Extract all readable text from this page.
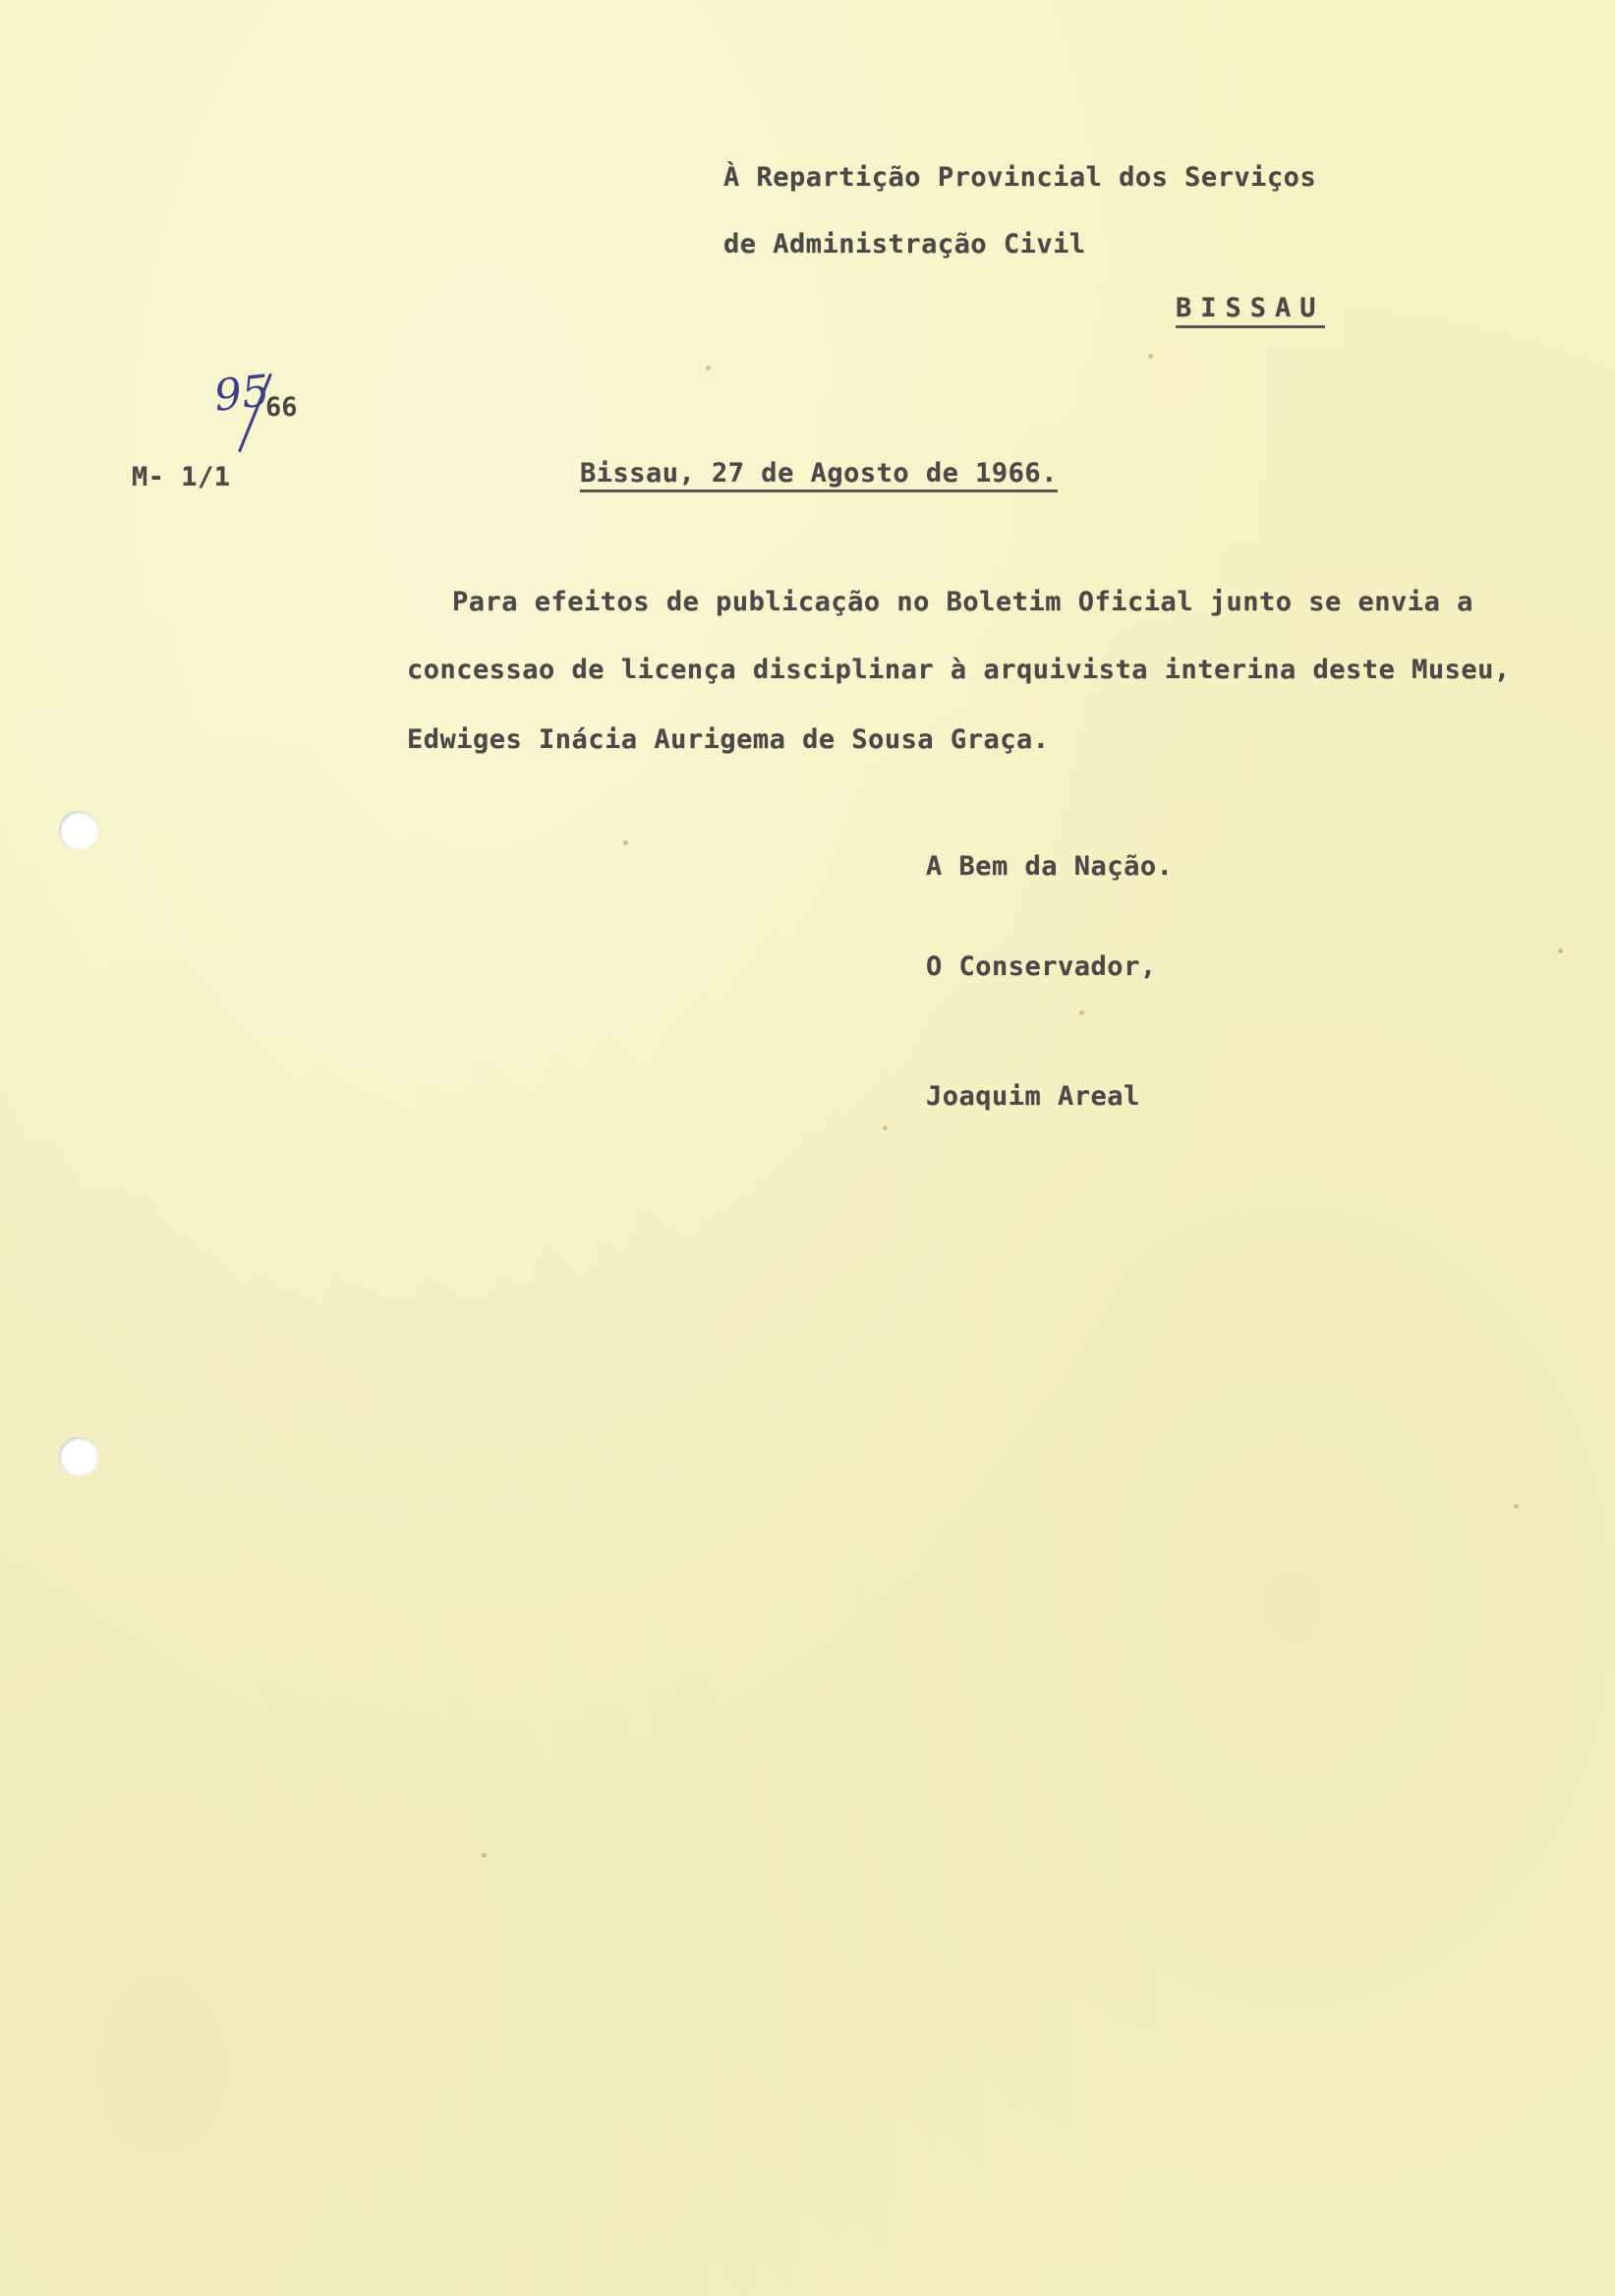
À Repartição Provincial dos Serviços
de Administração Civil
BISSAU
95
66
M- 1/1	Bissau, 27 de Agosto de 1966.
Para efeitos de publicação no Boletim Oficial junto se envia a
concessao de licença disciplinar à arquivista interina deste Museu,
Edwiges Inácia Aurigema de Sousa Graça.
A Bem da Nação.
O Conservador,
Joaquim Areal
